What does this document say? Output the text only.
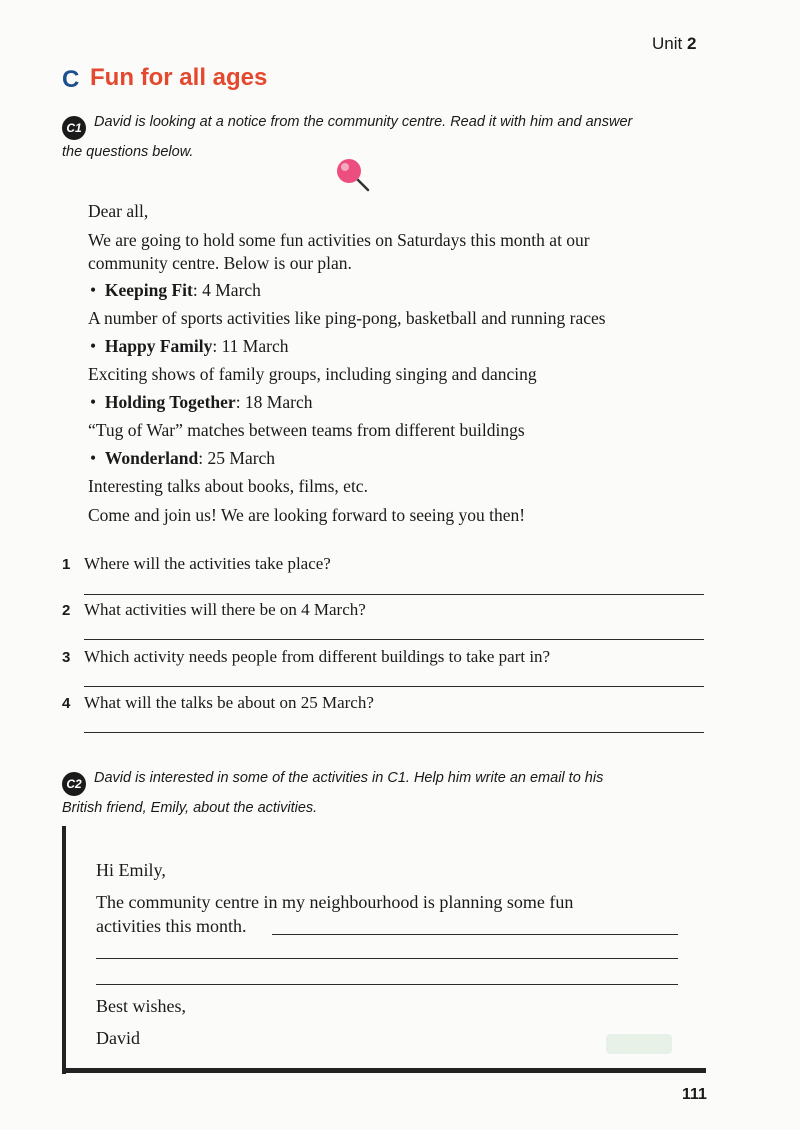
Unit 2
C Fun for all ages
C1 David is looking at a notice from the community centre. Read it with him and answer
the questions below.
Dear all,
We are going to hold some fun activities on Saturdays this month at our
community centre. Below is our plan.
•  Keeping Fit: 4 March
A number of sports activities like ping-pong, basketball and running races
•  Happy Family: 11 March
Exciting shows of family groups, including singing and dancing
•  Holding Together: 18 March
“Tug of War” matches between teams from different buildings
•  Wonderland: 25 March
Interesting talks about books, films, etc.
Come and join us! We are looking forward to seeing you then!
1 Where will the activities take place?
2 What activities will there be on 4 March?
3 Which activity needs people from different buildings to take part in?
4 What will the talks be about on 25 March?
C2 David is interested in some of the activities in C1. Help him write an email to his
British friend, Emily, about the activities.
Hi Emily,
The community centre in my neighbourhood is planning some fun
activities this month.
Best wishes,
David
111
